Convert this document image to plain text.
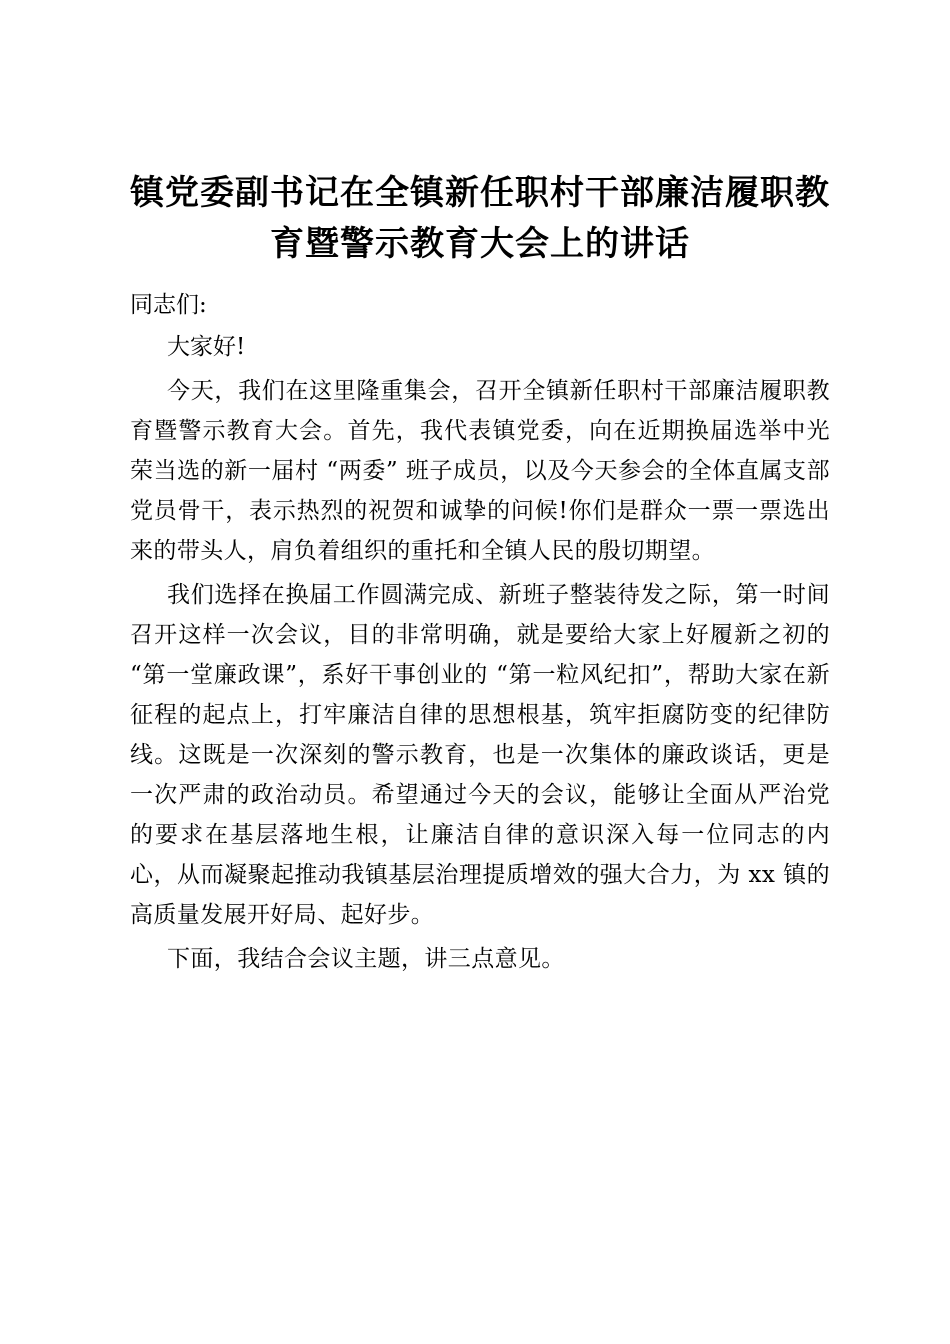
镇党委副书记在全镇新任职村干部廉洁履职教
育暨警示教育大会上的讲话

同志们:

大家好!

今天，我们在这里隆重集会，召开全镇新任职村干部廉洁履职教育暨警示教育大会。首先，我代表镇党委，向在近期换届选举中光荣当选的新一届村 “两委” 班子成员，以及今天参会的全体直属支部党员骨干，表示热烈的祝贺和诚挚的问候!你们是群众一票一票选出来的带头人，肩负着组织的重托和全镇人民的殷切期望。

我们选择在换届工作圆满完成、新班子整装待发之际，第一时间召开这样一次会议，目的非常明确，就是要给大家上好履新之初的 “第一堂廉政课”，系好干事创业的 “第一粒风纪扣”，帮助大家在新征程的起点上，打牢廉洁自律的思想根基，筑牢拒腐防变的纪律防线。这既是一次深刻的警示教育，也是一次集体的廉政谈话，更是一次严肃的政治动员。希望通过今天的会议，能够让全面从严治党的要求在基层落地生根，让廉洁自律的意识深入每一位同志的内心，从而凝聚起推动我镇基层治理提质增效的强大合力，为 xx 镇的高质量发展开好局、起好步。

下面，我结合会议主题，讲三点意见。
